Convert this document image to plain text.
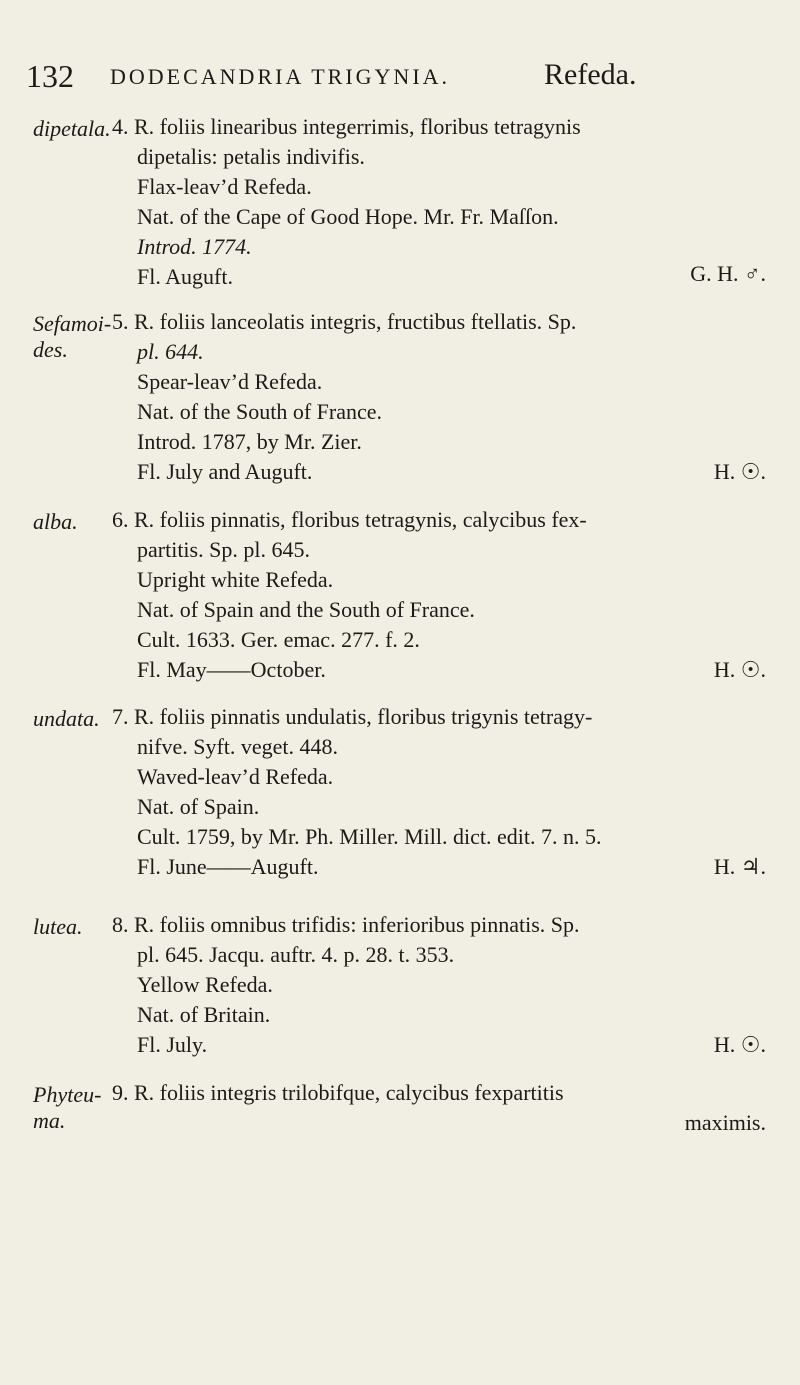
132 DODECANDRIA TRIGYNIA.	Refeda.
dipetala. 4. R. foliis linearibus integerrimis, floribus tetragynis
dipetalis: petalis indivifis.
Flax-leav’d Refeda.
Nat. of the Cape of Good Hope. Mr. Fr. Maſſon.
Introd. 1774.
Fl. Auguft.	G. H. ♂.
Sefamoi-des.
5. R. foliis lanceolatis integris, fructibus ftellatis. Sp.
pl. 644.
Spear-leav’d Refeda.
Nat. of the South of France.
Introd. 1787, by Mr. Zier.
Fl. July and Auguft.	H. ☉.
alba.	6. R. foliis pinnatis, floribus tetragynis, calycibus fex-
partitis. Sp. pl. 645.
Upright white Refeda.
Nat. of Spain and the South of France.
Cult. 1633. Ger. emac. 277. f. 2.
Fl. May——October.	H. ☉.
undata. 7. R. foliis pinnatis undulatis, floribus trigynis tetragy-
nifve. Syft. veget. 448.
Waved-leav’d Refeda.
Nat. of Spain.
Cult. 1759, by Mr. Ph. Miller. Mill. dict. edit. 7. n. 5.
Fl. June——Auguft.	H. ♃.
lutea.	8. R. foliis omnibus trifidis: inferioribus pinnatis. Sp.
pl. 645. Jacqu. auftr. 4. p. 28. t. 353.
Yellow Refeda.
Nat. of Britain.
Fl. July.	H. ☉.
Phyteu-ma.
9. R. foliis integris trilobifque, calycibus fexpartitis
maximis.
